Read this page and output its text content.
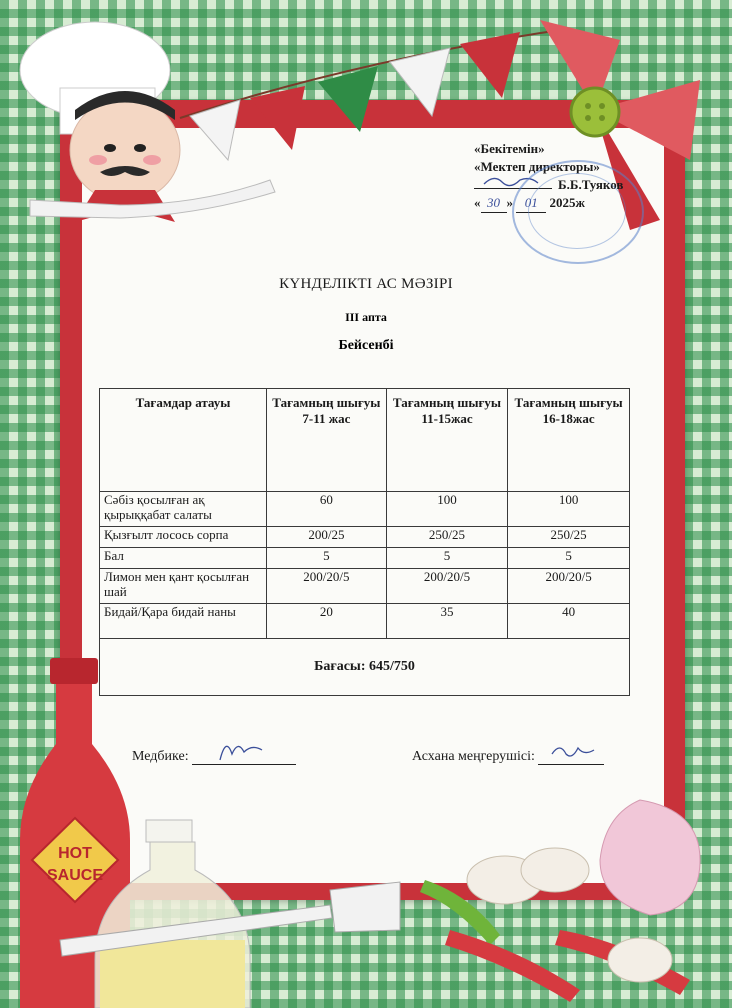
HOT
SAUCE
«Бекітемін»
«Мектеп директоры»
Б.Б.Туяков
« 30 » 01 2025ж
КҮНДЕЛІКТІ АС МӘЗІРІ
ІІІ апта
Бейсенбі
Тағамдар атауы	Тағамның шығуы 7-11 жас	Тағамның шығуы 11-15жас	Тағамның шығуы 16-18жас
Сәбіз қосылған ақ қырыққабат салаты	60	100	100
Қызғылт лосось сорпа	200/25	250/25	250/25
Бал	5	5	5
Лимон мен қант қосылған шай	200/20/5	200/20/5	200/20/5
Бидай/Қара бидай наны	20	35	40
Бағасы: 645/750			
Медбике:	Асхана меңгерушісі:
